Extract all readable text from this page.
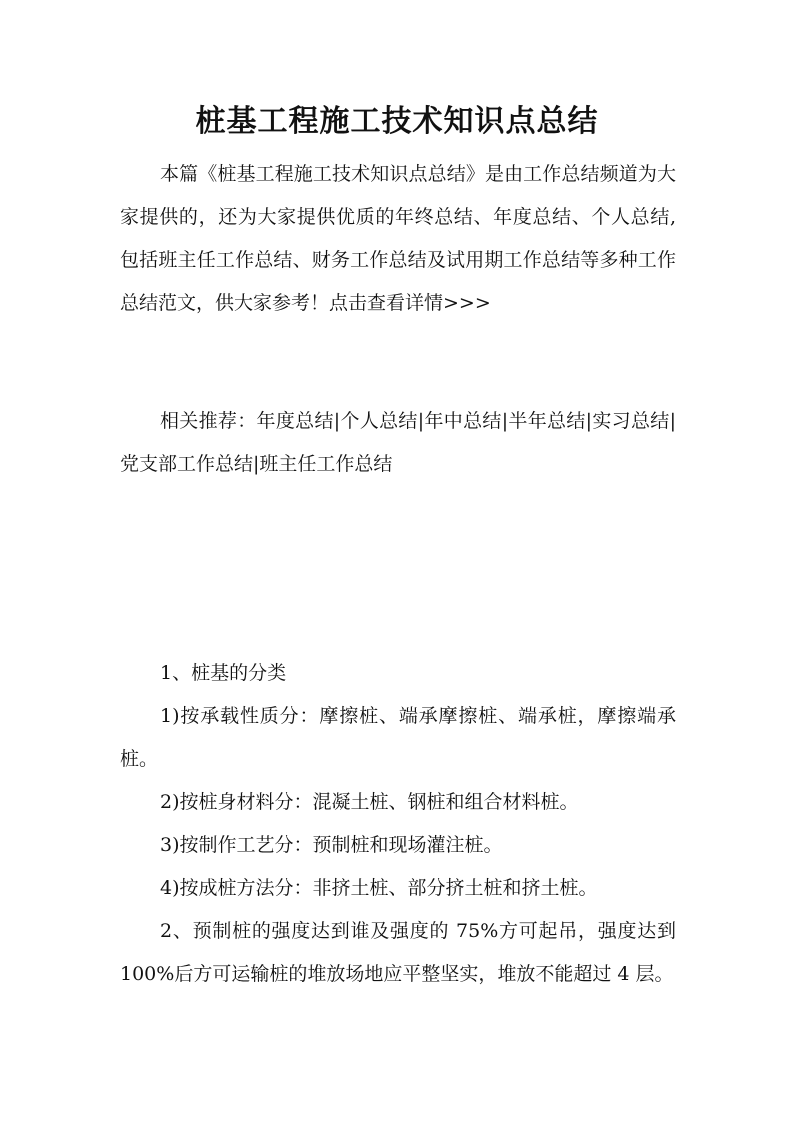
桩基工程施工技术知识点总结

本篇《桩基工程施工技术知识点总结》是由工作总结频道为大家提供的，还为大家提供优质的年终总结、年度总结、个人总结,包括班主任工作总结、财务工作总结及试用期工作总结等多种工作总结范文，供大家参考！点击查看详情>>>

相关推荐：年度总结|个人总结|年中总结|半年总结|实习总结|党支部工作总结|班主任工作总结

1、桩基的分类

1)按承载性质分：摩擦桩、端承摩擦桩、端承桩，摩擦端承桩。

2)按桩身材料分：混凝土桩、钢桩和组合材料桩。

3)按制作工艺分：预制桩和现场灌注桩。

4)按成桩方法分：非挤土桩、部分挤土桩和挤土桩。

2、预制桩的强度达到谁及强度的 75%方可起吊，强度达到 100%后方可运输桩的堆放场地应平整坚实，堆放不能超过 4 层。
